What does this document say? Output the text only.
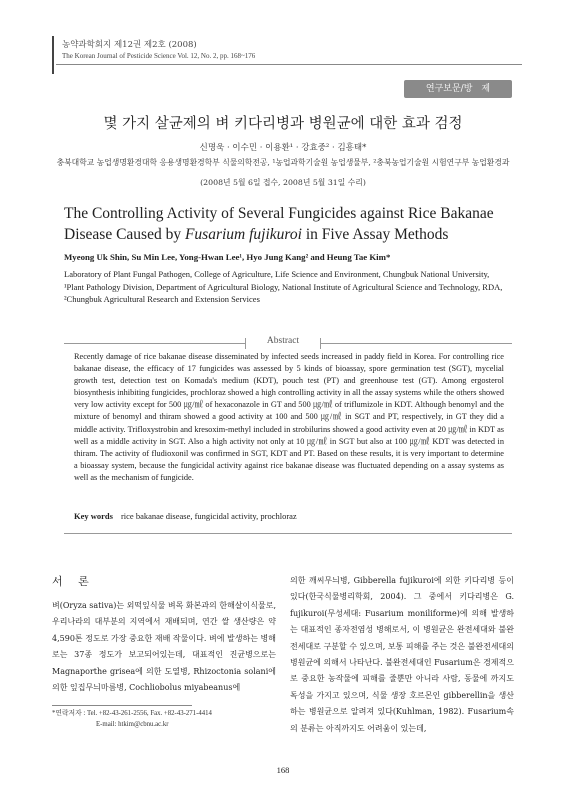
농약과학회지 제12권 제2호 (2008)
The Korean Journal of Pesticide Science Vol. 12, No. 2, pp. 168~176
연구보문/방　제
몇 가지 살균제의 벼 키다리병과 병원균에 대한 효과 검정
신명욱 · 이수민 · 이용환¹ · 강효중² · 김흥태*
충북대학교 농업생명환경대학 응용생명환경학부 식물의학전공, ¹농업과학기술원 농업생물부, ²충북농업기술원 시험연구부 농업환경과
(2008년 5월 6일 접수, 2008년 5월 31일 수리)
The Controlling Activity of Several Fungicides against Rice Bakanae Disease Caused by Fusarium fujikuroi in Five Assay Methods
Myeong Uk Shin, Su Min Lee, Yong-Hwan Lee¹, Hyo Jung Kang² and Heung Tae Kim*
Laboratory of Plant Fungal Pathogen, College of Agriculture, Life Science and Environment, Chungbuk National University, ¹Plant Pathology Division, Department of Agricultural Biology, National Institute of Agricultural Science and Technology, RDA, ²Chungbuk Agricultural Research and Extension Services
Abstract
Recently damage of rice bakanae disease disseminated by infected seeds increased in paddy field in Korea. For controlling rice bakanae disease, the efficacy of 17 fungicides was assessed by 5 kinds of bioassay, spore germination test (SGT), mycelial growth test, detection test on Komada's medium (KDT), pouch test (PT) and greenhouse test (GT). Among ergosterol biosynthesis inhibiting fungicides, prochloraz showed a high controlling activity in all the assay systems while the others showed very low activity except for 500 ㎍/㎖ of hexaconazole in GT and 500 ㎍/㎖ of triflumizole in KDT. Although benomyl and the mixture of benomyl and thiram showed a good activity at 100 and 500 ㎍/㎖ in SGT and PT, respectively, in GT they did a middle activity. Trifloxystrobin and kresoxim-methyl included in strobilurins showed a good activity even at 20 ㎍/㎖ in KDT as well as a middle activity in SGT. Also a high activity not only at 10 ㎍/㎖ in SGT but also at 100 ㎍/㎖ KDT was detected in thiram. The activity of fludioxonil was confirmed in SGT, KDT and PT. Based on these results, it is very important to determine a bioassay system, because the fungicidal activity against rice bakanae disease was fluctuated depending on a assay systems as well as the mechanism of fungicide.
Key words rice bakanae disease, fungicidal activity, prochloraz
서 론
벼(Oryza sativa)는 외떡잎식물 벼목 화본과의 한해살이식물로, 우리나라의 대부분의 지역에서 재배되며, 연간 쌀 생산량은 약 4,590톤 정도로 가장 중요한 재배 작물이다. 벼에 발생하는 병해로는 37종 정도가 보고되어있는데, 대표적인 진균병으로는 Magnaporthe grisea에 의한 도열병, Rhizoctonia solani에 의한 잎집무늬마름병, Cochliobolus miyabeanus에
의한 깨씨무늬병, Gibberella fujikuroi에 의한 키다리병 등이 있다(한국식물병리학회, 2004). 그 중에서 키다리병은 G. fujikuroi(무성세대: Fusarium moniliforme)에 의해 발생하는 대표적인 종자전염성 병해로서, 이 병원균은 완전세대와 불완전세대로 구분할 수 있으며, 보통 피해를 주는 것은 불완전세대의 병원균에 의해서 나타난다. 불완전세대인 Fusarium은 경제적으로 중요한 농작물에 피해를 줄뿐만 아니라 사람, 동물에 까지도 독성을 가지고 있으며, 식물 생장 호르몬인 gibberellin을 생산하는 병원균으로 알려져 있다(Kuhlman, 1982). Fusarium속의 분류는 아직까지도 어려움이 있는데,
*연락저자 : Tel. +82-43-261-2556, Fax. +82-43-271-4414
E-mail: htkim@cbnu.ac.kr
168
